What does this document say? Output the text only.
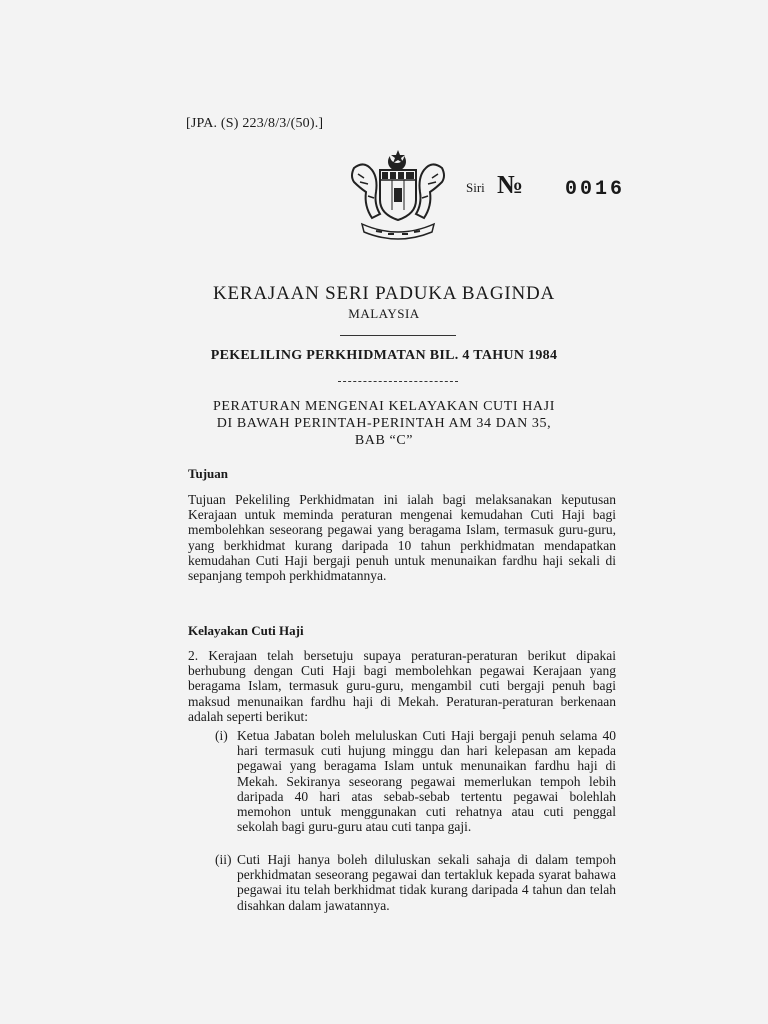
[JPA. (S) 223/8/3/(50).]
Siri № 0016
KERAJAAN SERI PADUKA BAGINDA
MALAYSIA
PEKELILING PERKHIDMATAN BIL. 4 TAHUN 1984
PERATURAN MENGENAI KELAYAKAN CUTI HAJI
DI BAWAH PERINTAH-PERINTAH AM 34 DAN 35,
BAB “C”
Tujuan
Tujuan Pekeliling Perkhidmatan ini ialah bagi melaksanakan keputusan Kerajaan untuk meminda peraturan mengenai kemudahan Cuti Haji bagi membolehkan seseorang pegawai yang beragama Islam, termasuk guru-guru, yang berkhidmat kurang daripada 10 tahun perkhidmatan mendapatkan kemudahan Cuti Haji bergaji penuh untuk menunaikan fardhu haji sekali di sepanjang tempoh perkhidmatannya.
Kelayakan Cuti Haji
2. Kerajaan telah bersetuju supaya peraturan-peraturan berikut dipakai berhubung dengan Cuti Haji bagi membolehkan pegawai Kerajaan yang beragama Islam, termasuk guru-guru, mengambil cuti bergaji penuh bagi maksud menunaikan fardhu haji di Mekah. Peraturan-peraturan berkenaan adalah seperti berikut:
(i) Ketua Jabatan boleh meluluskan Cuti Haji bergaji penuh selama 40 hari termasuk cuti hujung minggu dan hari kelepasan am kepada pegawai yang beragama Islam untuk menunaikan fardhu haji di Mekah. Sekiranya seseorang pegawai memerlukan tempoh lebih daripada 40 hari atas sebab-sebab tertentu pegawai bolehlah memohon untuk menggunakan cuti rehatnya atau cuti penggal sekolah bagi guru-guru atau cuti tanpa gaji.
(ii) Cuti Haji hanya boleh diluluskan sekali sahaja di dalam tempoh perkhidmatan seseorang pegawai dan tertakluk kepada syarat bahawa pegawai itu telah berkhidmat tidak kurang daripada 4 tahun dan telah disahkan dalam jawatannya.
